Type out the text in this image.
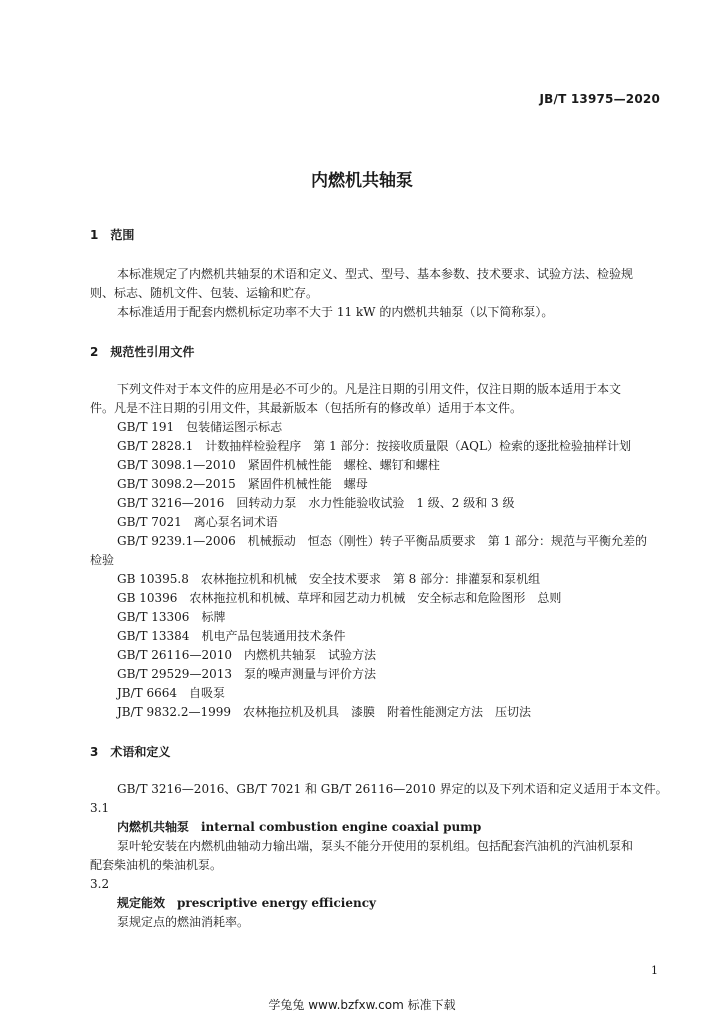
JB/T 13975—2020
内燃机共轴泵
1　范围
本标准规定了内燃机共轴泵的术语和定义、型式、型号、基本参数、技术要求、试验方法、检验规
则、标志、随机文件、包装、运输和贮存。
本标准适用于配套内燃机标定功率不大于 11 kW 的内燃机共轴泵（以下简称泵）。
2　规范性引用文件
下列文件对于本文件的应用是必不可少的。凡是注日期的引用文件，仅注日期的版本适用于本文
件。凡是不注日期的引用文件，其最新版本（包括所有的修改单）适用于本文件。
GB/T 191　包装储运图示标志
GB/T 2828.1　计数抽样检验程序　第 1 部分：按接收质量限（AQL）检索的逐批检验抽样计划
GB/T 3098.1—2010　紧固件机械性能　螺栓、螺钉和螺柱
GB/T 3098.2—2015　紧固件机械性能　螺母
GB/T 3216—2016　回转动力泵　水力性能验收试验　1 级、2 级和 3 级
GB/T 7021　离心泵名词术语
GB/T 9239.1—2006　机械振动　恒态（刚性）转子平衡品质要求　第 1 部分：规范与平衡允差的
检验
GB 10395.8　农林拖拉机和机械　安全技术要求　第 8 部分：排灌泵和泵机组
GB 10396　农林拖拉机和机械、草坪和园艺动力机械　安全标志和危险图形　总则
GB/T 13306　标牌
GB/T 13384　机电产品包装通用技术条件
GB/T 26116—2010　内燃机共轴泵　试验方法
GB/T 29529—2013　泵的噪声测量与评价方法
JB/T 6664　自吸泵
JB/T 9832.2—1999　农林拖拉机及机具　漆膜　附着性能测定方法　压切法
3　术语和定义
GB/T 3216—2016、GB/T 7021 和 GB/T 26116—2010 界定的以及下列术语和定义适用于本文件。
3.1
内燃机共轴泵　internal combustion engine coaxial pump
泵叶轮安装在内燃机曲轴动力输出端，泵头不能分开使用的泵机组。包括配套汽油机的汽油机泵和
配套柴油机的柴油机泵。
3.2
规定能效　prescriptive energy efficiency
泵规定点的燃油消耗率。
1
学兔兔 www.bzfxw.com 标准下载
